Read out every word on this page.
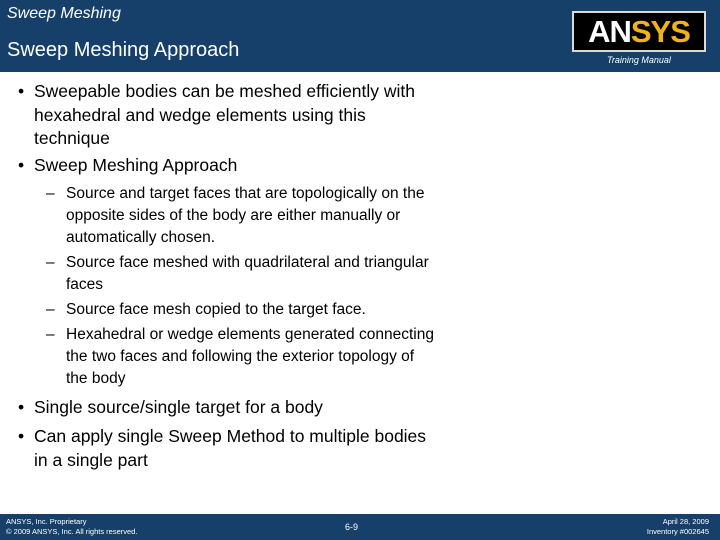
Sweep Meshing
Sweep Meshing Approach
ANSYS
Training Manual
• Sweepable bodies can be meshed efficiently with hexahedral and wedge elements using this technique
• Sweep Meshing Approach
– Source and target faces that are topologically on the opposite sides of the body are either manually or automatically chosen.
– Source face meshed with quadrilateral and triangular faces
– Source face mesh copied to the target face.
– Hexahedral or wedge elements generated connecting the two faces and following the exterior topology of the body
• Single source/single target for a body
• Can apply single Sweep Method to multiple bodies in a single part
ANSYS, Inc. Proprietary
© 2009 ANSYS, Inc. All rights reserved.	6-9
April 28, 2009
Inventory #002645
